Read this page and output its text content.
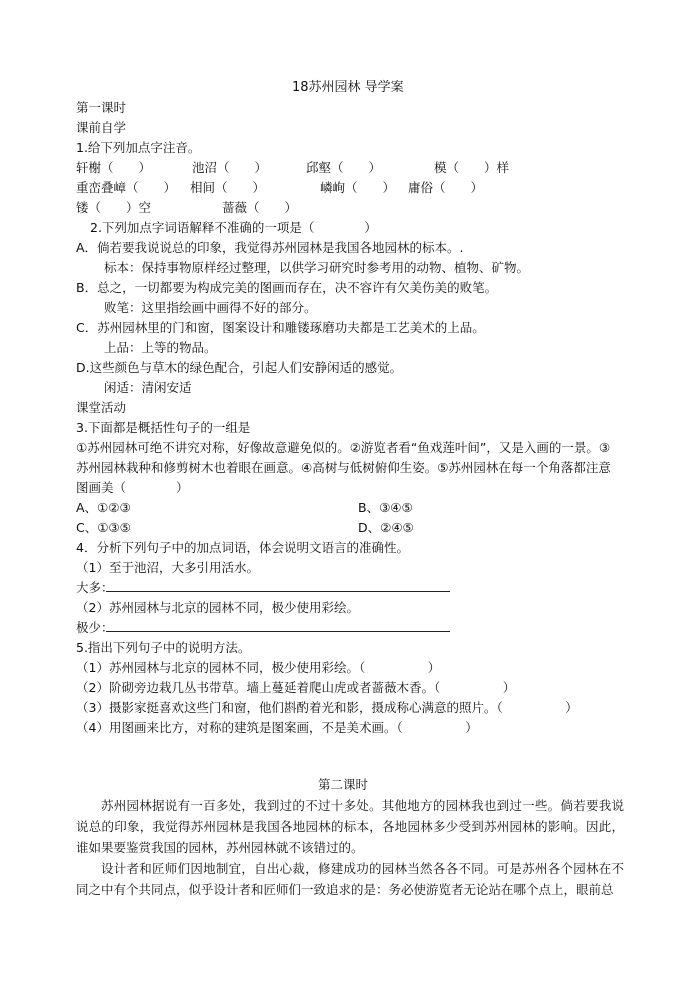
18苏州园林 导学案
第一课时
课前自学
1.给下列加点字注音。
轩榭（　　）	池沼（　　）	邱壑（　　）	模（　　）样
重峦叠嶂（　　） 相间（　　）	嶙峋（　　） 庸俗（　　）
镂（　　）空	蔷薇（　　）
2.下列加点字词语解释不准确的一项是（　　　　）
A．倘若要我说说总的印象，我觉得苏州园林是我国各地园林的标本。.
标本：保持事物原样经过整理，以供学习研究时参考用的动物、植物、矿物。
B．总之，一切都要为构成完美的图画而存在，决不容许有欠美伤美的败笔。
败笔：这里指绘画中画得不好的部分。
C．苏州园林里的门和窗，图案设计和雕镂琢磨功夫都是工艺美术的上品。
上品：上等的物品。
D.这些颜色与草木的绿色配合，引起人们安静闲适的感觉。
闲适：清闲安适
课堂活动
3.下面都是概括性句子的一组是
①苏州园林可绝不讲究对称，好像故意避免似的。②游览者看“鱼戏莲叶间”，又是入画的一景。③
苏州园林栽种和修剪树木也着眼在画意。④高树与低树俯仰生姿。⑤苏州园林在每一个角落都注意
图画美（　　　　）
A、①②③	B、③④⑤
C、①③⑤	D、②④⑤
4．分析下列句子中的加点词语，体会说明文语言的准确性。
（1）至于池沼，大多引用活水。
大多：
（2）苏州园林与北京的园林不同，极少使用彩绘。
极少：
5.指出下列句子中的说明方法。
（1）苏州园林与北京的园林不同，极少使用彩绘。（　　　　　）
（2）阶砌旁边栽几丛书带草。墙上蔓延着爬山虎或者蔷薇木香。（　　　　　）
（3）摄影家挺喜欢这些门和窗，他们斟酌着光和影，摄成称心满意的照片。（　　　　　）
（4）用图画来比方，对称的建筑是图案画，不是美术画。（　　　　　）
第二课时
苏州园林据说有一百多处，我到过的不过十多处。其他地方的园林我也到过一些。倘若要我说说总的印象，我觉得苏州园林是我国各地园林的标本，各地园林多少受到苏州园林的影响。因此，谁如果要鉴赏我国的园林，苏州园林就不该错过的。
设计者和匠师们因地制宜，自出心裁，修建成功的园林当然各各不同。可是苏州各个园林在不同之中有个共同点，似乎设计者和匠师们一致追求的是：务必使游览者无论站在哪个点上，眼前总
